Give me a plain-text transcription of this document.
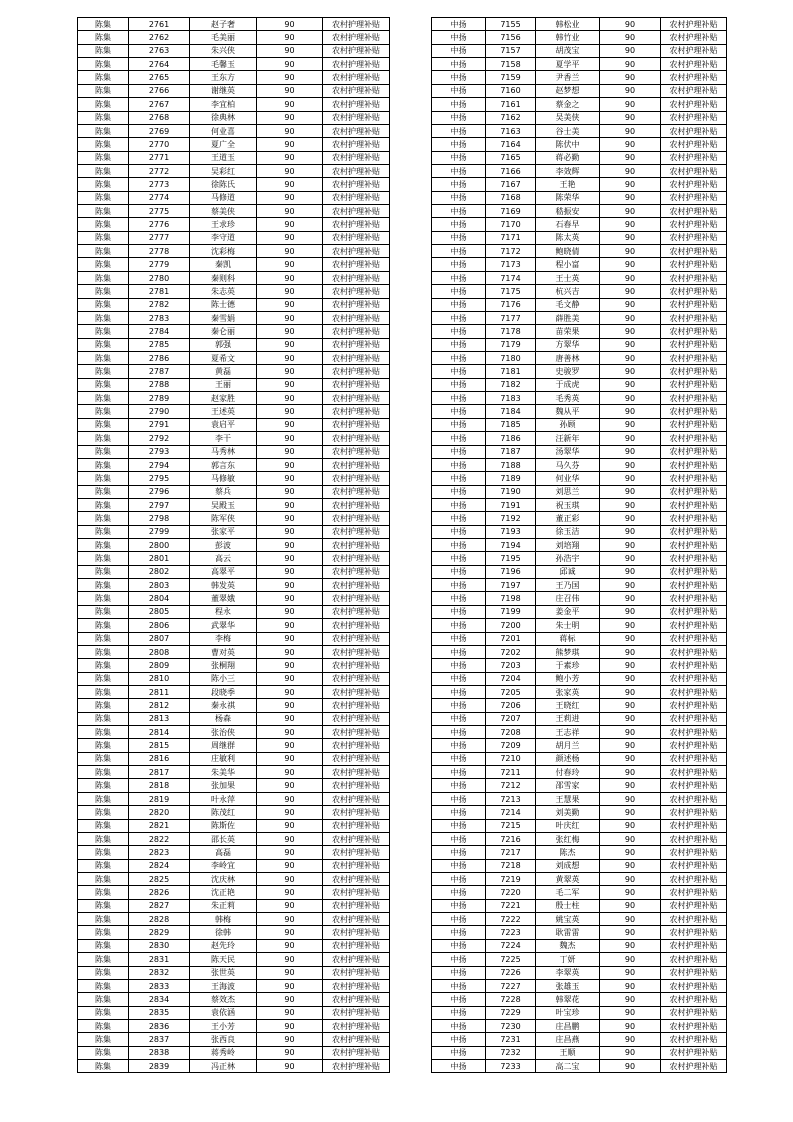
陈集	2761	赵子奢	90	农村护理补贴
陈集	2762	毛美丽	90	农村护理补贴
陈集	2763	朱兴侠	90	农村护理补贴
陈集	2764	毛馨玉	90	农村护理补贴
陈集	2765	王东方	90	农村护理补贴
陈集	2766	谢继英	90	农村护理补贴
陈集	2767	李宜柏	90	农村护理补贴
陈集	2768	徐典林	90	农村护理补贴
陈集	2769	何业喜	90	农村护理补贴
陈集	2770	夏广全	90	农村护理补贴
陈集	2771	王道玉	90	农村护理补贴
陈集	2772	吴彩红	90	农村护理补贴
陈集	2773	徐陈氏	90	农村护理补贴
陈集	2774	马修道	90	农村护理补贴
陈集	2775	蔡美侠	90	农村护理补贴
陈集	2776	王求珍	90	农村护理补贴
陈集	2777	李守道	90	农村护理补贴
陈集	2778	沈彩梅	90	农村护理补贴
陈集	2779	秦凯	90	农村护理补贴
陈集	2780	秦则科	90	农村护理补贴
陈集	2781	朱志英	90	农村护理补贴
陈集	2782	陈士德	90	农村护理补贴
陈集	2783	秦雪娟	90	农村护理补贴
陈集	2784	秦仑丽	90	农村护理补贴
陈集	2785	郭强	90	农村护理补贴
陈集	2786	夏希文	90	农村护理补贴
陈集	2787	黄磊	90	农村护理补贴
陈集	2788	王丽	90	农村护理补贴
陈集	2789	赵家胜	90	农村护理补贴
陈集	2790	王述英	90	农村护理补贴
陈集	2791	袁启平	90	农村护理补贴
陈集	2792	李干	90	农村护理补贴
陈集	2793	马秀林	90	农村护理补贴
陈集	2794	郭言东	90	农村护理补贴
陈集	2795	马修敏	90	农村护理补贴
陈集	2796	蔡兵	90	农村护理补贴
陈集	2797	吴殿玉	90	农村护理补贴
陈集	2798	陈军侠	90	农村护理补贴
陈集	2799	张家平	90	农村护理补贴
陈集	2800	彭波	90	农村护理补贴
陈集	2801	高云	90	农村护理补贴
陈集	2802	高翠平	90	农村护理补贴
陈集	2803	韩发英	90	农村护理补贴
陈集	2804	董翠娥	90	农村护理补贴
陈集	2805	程永	90	农村护理补贴
陈集	2806	武翠华	90	农村护理补贴
陈集	2807	李梅	90	农村护理补贴
陈集	2808	曹对英	90	农村护理补贴
陈集	2809	张桐翔	90	农村护理补贴
陈集	2810	陈小三	90	农村护理补贴
陈集	2811	段晓季	90	农村护理补贴
陈集	2812	秦永祺	90	农村护理补贴
陈集	2813	杨森	90	农村护理补贴
陈集	2814	张治侠	90	农村护理补贴
陈集	2815	周继群	90	农村护理补贴
陈集	2816	庄敏利	90	农村护理补贴
陈集	2817	朱美华	90	农村护理补贴
陈集	2818	张加果	90	农村护理补贴
陈集	2819	叶永萍	90	农村护理补贴
陈集	2820	陈茂红	90	农村护理补贴
陈集	2821	陈斯佐	90	农村护理补贴
陈集	2822	邵长英	90	农村护理补贴
陈集	2823	高磊	90	农村护理补贴
陈集	2824	李岭宜	90	农村护理补贴
陈集	2825	沈庆林	90	农村护理补贴
陈集	2826	沈正艳	90	农村护理补贴
陈集	2827	朱正莉	90	农村护理补贴
陈集	2828	韩梅	90	农村护理补贴
陈集	2829	徐韩	90	农村护理补贴
陈集	2830	赵先玲	90	农村护理补贴
陈集	2831	陈天民	90	农村护理补贴
陈集	2832	张世英	90	农村护理补贴
陈集	2833	王海波	90	农村护理补贴
陈集	2834	蔡效杰	90	农村护理补贴
陈集	2835	袁依涵	90	农村护理补贴
陈集	2836	王小芳	90	农村护理补贴
陈集	2837	张西良	90	农村护理补贴
陈集	2838	蒋秀岭	90	农村护理补贴
陈集	2839	冯正林	90	农村护理补贴
中扬	7155	韩松业	90	农村护理补贴
中扬	7156	韩竹业	90	农村护理补贴
中扬	7157	胡茂宝	90	农村护理补贴
中扬	7158	夏学平	90	农村护理补贴
中扬	7159	尹香兰	90	农村护理补贴
中扬	7160	赵梦想	90	农村护理补贴
中扬	7161	蔡金之	90	农村护理补贴
中扬	7162	吴美侠	90	农村护理补贴
中扬	7163	谷士美	90	农村护理补贴
中扬	7164	陈伏中	90	农村护理补贴
中扬	7165	蒋必勤	90	农村护理补贴
中扬	7166	李效辉	90	农村护理补贴
中扬	7167	王艳	90	农村护理补贴
中扬	7168	陈荣华	90	农村护理补贴
中扬	7169	嵇振安	90	农村护理补贴
中扬	7170	石春早	90	农村护理补贴
中扬	7171	陈太英	90	农村护理补贴
中扬	7172	鲍晓倩	90	农村护理补贴
中扬	7173	程小富	90	农村护理补贴
中扬	7174	王士英	90	农村护理补贴
中扬	7175	杭兴吉	90	农村护理补贴
中扬	7176	毛文静	90	农村护理补贴
中扬	7177	薛胜美	90	农村护理补贴
中扬	7178	苗荣果	90	农村护理补贴
中扬	7179	方翠华	90	农村护理补贴
中扬	7180	唐善林	90	农村护理补贴
中扬	7181	史骏罗	90	农村护理补贴
中扬	7182	于成虎	90	农村护理补贴
中扬	7183	毛秀英	90	农村护理补贴
中扬	7184	魏从平	90	农村护理补贴
中扬	7185	孙顾	90	农村护理补贴
中扬	7186	汪新年	90	农村护理补贴
中扬	7187	汤翠华	90	农村护理补贴
中扬	7188	马久芬	90	农村护理补贴
中扬	7189	何业华	90	农村护理补贴
中扬	7190	刘思兰	90	农村护理补贴
中扬	7191	祝玉琪	90	农村护理补贴
中扬	7192	董正彩	90	农村护理补贴
中扬	7193	徐玉洁	90	农村护理补贴
中扬	7194	刘培翔	90	农村护理补贴
中扬	7195	孙浩宇	90	农村护理补贴
中扬	7196	邱诚	90	农村护理补贴
中扬	7197	王乃国	90	农村护理补贴
中扬	7198	庄召伟	90	农村护理补贴
中扬	7199	姜金平	90	农村护理补贴
中扬	7200	朱士明	90	农村护理补贴
中扬	7201	蒋标	90	农村护理补贴
中扬	7202	熊梦琪	90	农村护理补贴
中扬	7203	于素珍	90	农村护理补贴
中扬	7204	鲍小芳	90	农村护理补贴
中扬	7205	张家英	90	农村护理补贴
中扬	7206	王晓红	90	农村护理补贴
中扬	7207	王莉进	90	农村护理补贴
中扬	7208	王志祥	90	农村护理补贴
中扬	7209	胡月兰	90	农村护理补贴
中扬	7210	颜述杨	90	农村护理补贴
中扬	7211	付春玲	90	农村护理补贴
中扬	7212	邵雪家	90	农村护理补贴
中扬	7213	王慧果	90	农村护理补贴
中扬	7214	刘美勤	90	农村护理补贴
中扬	7215	叶庆红	90	农村护理补贴
中扬	7216	张红梅	90	农村护理补贴
中扬	7217	陈杰	90	农村护理补贴
中扬	7218	刘成想	90	农村护理补贴
中扬	7219	黄翠英	90	农村护理补贴
中扬	7220	毛二军	90	农村护理补贴
中扬	7221	殷士柱	90	农村护理补贴
中扬	7222	姚宝英	90	农村护理补贴
中扬	7223	耿雷雷	90	农村护理补贴
中扬	7224	魏杰	90	农村护理补贴
中扬	7225	丁妍	90	农村护理补贴
中扬	7226	李翠英	90	农村护理补贴
中扬	7227	张雄玉	90	农村护理补贴
中扬	7228	韩翠花	90	农村护理补贴
中扬	7229	叶宝珍	90	农村护理补贴
中扬	7230	庄昌鹏	90	农村护理补贴
中扬	7231	庄昌燕	90	农村护理补贴
中扬	7232	王顺	90	农村护理补贴
中扬	7233	高二宝	90	农村护理补贴
